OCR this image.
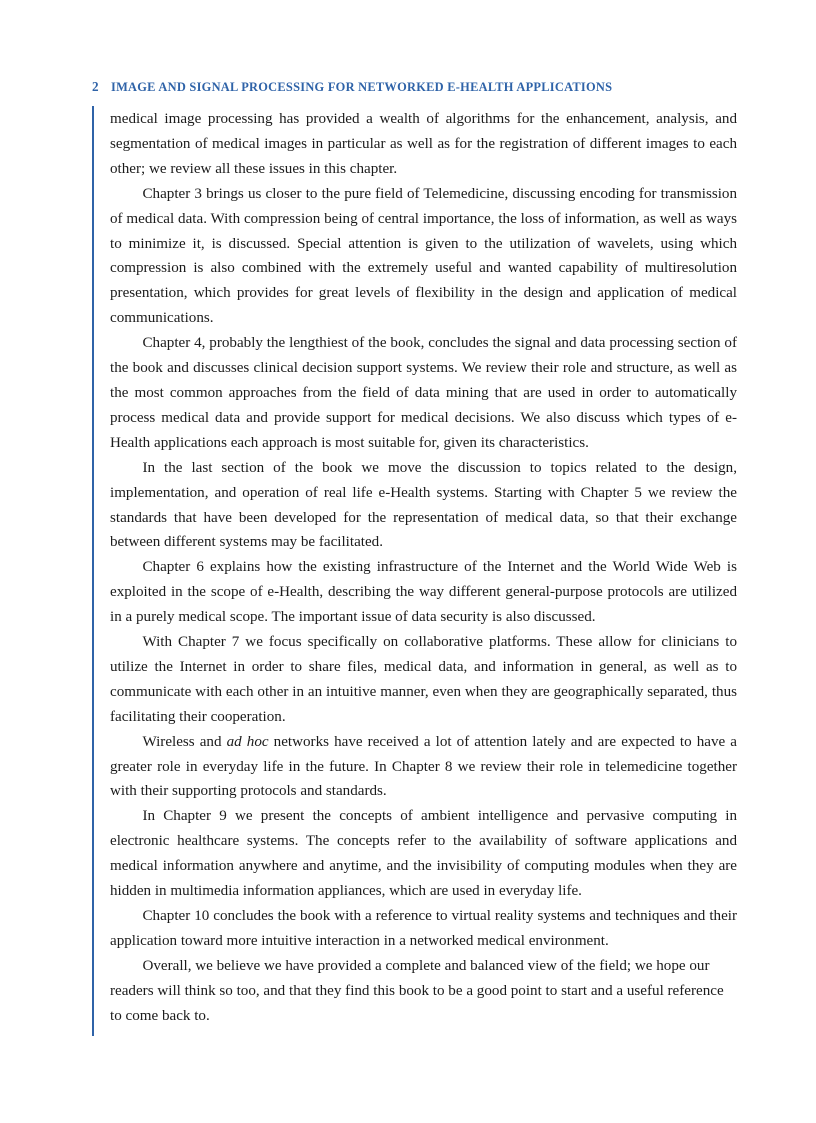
2 IMAGE AND SIGNAL PROCESSING FOR NETWORKED E-HEALTH APPLICATIONS

medical image processing has provided a wealth of algorithms for the enhancement, analysis, and segmentation of medical images in particular as well as for the registration of different images to each other; we review all these issues in this chapter.

Chapter 3 brings us closer to the pure field of Telemedicine, discussing encoding for transmission of medical data. With compression being of central importance, the loss of information, as well as ways to minimize it, is discussed. Special attention is given to the utilization of wavelets, using which compression is also combined with the extremely useful and wanted capability of multiresolution presentation, which provides for great levels of flexibility in the design and application of medical communications.

Chapter 4, probably the lengthiest of the book, concludes the signal and data processing section of the book and discusses clinical decision support systems. We review their role and structure, as well as the most common approaches from the field of data mining that are used in order to automatically process medical data and provide support for medical decisions. We also discuss which types of e-Health applications each approach is most suitable for, given its characteristics.

In the last section of the book we move the discussion to topics related to the design, implementation, and operation of real life e-Health systems. Starting with Chapter 5 we review the standards that have been developed for the representation of medical data, so that their exchange between different systems may be facilitated.

Chapter 6 explains how the existing infrastructure of the Internet and the World Wide Web is exploited in the scope of e-Health, describing the way different general-purpose protocols are utilized in a purely medical scope. The important issue of data security is also discussed.

With Chapter 7 we focus specifically on collaborative platforms. These allow for clinicians to utilize the Internet in order to share files, medical data, and information in general, as well as to communicate with each other in an intuitive manner, even when they are geographically separated, thus facilitating their cooperation.

Wireless and ad hoc networks have received a lot of attention lately and are expected to have a greater role in everyday life in the future. In Chapter 8 we review their role in telemedicine together with their supporting protocols and standards.

In Chapter 9 we present the concepts of ambient intelligence and pervasive computing in electronic healthcare systems. The concepts refer to the availability of software applications and medical information anywhere and anytime, and the invisibility of computing modules when they are hidden in multimedia information appliances, which are used in everyday life.

Chapter 10 concludes the book with a reference to virtual reality systems and techniques and their application toward more intuitive interaction in a networked medical environment.

Overall, we believe we have provided a complete and balanced view of the field; we hope our readers will think so too, and that they find this book to be a good point to start and a useful reference to come back to.
